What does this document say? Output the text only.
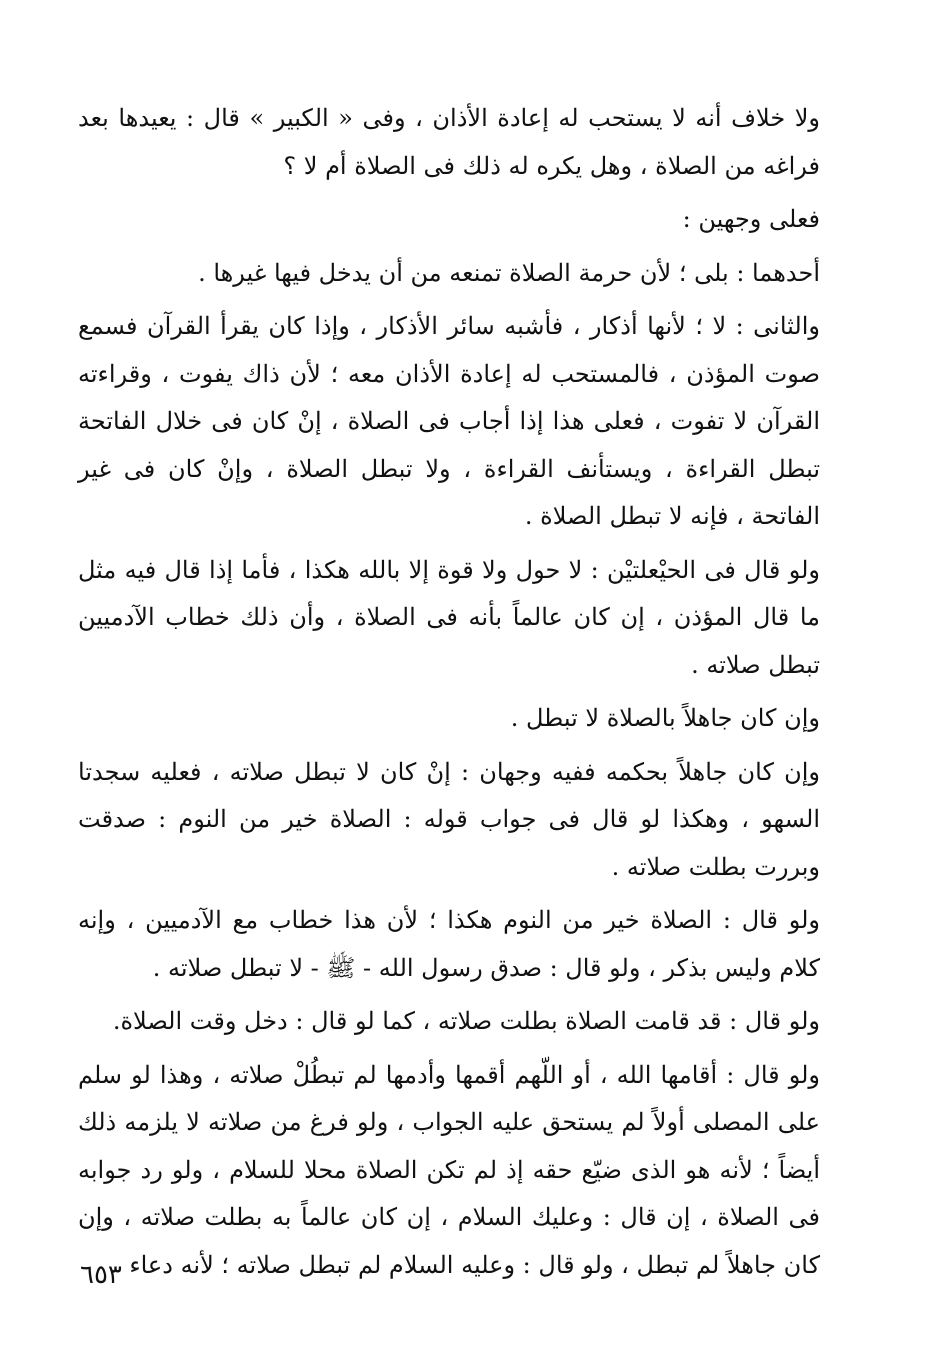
ولا خلاف أنه لا يستحب له إعادة الأذان ، وفى « الكبير » قال : يعيدها بعد فراغه من الصلاة ، وهل يكره له ذلك فى الصلاة أم لا ؟

فعلى وجهين :

أحدهما : بلى ؛ لأن حرمة الصلاة تمنعه من أن يدخل فيها غيرها .

والثانى : لا ؛ لأنها أذكار ، فأشبه سائر الأذكار ، وإذا كان يقرأ القرآن فسمع صوت المؤذن ، فالمستحب له إعادة الأذان معه ؛ لأن ذاك يفوت ، وقراءته القرآن لا تفوت ، فعلى هذا إذا أجاب فى الصلاة ، إنْ كان فى خلال الفاتحة تبطل القراءة ، ويستأنف القراءة ، ولا تبطل الصلاة ، وإنْ كان فى غير الفاتحة ، فإنه لا تبطل الصلاة .

ولو قال فى الحيْعلتيْن : لا حول ولا قوة إلا بالله هكذا ، فأما إذا قال فيه مثل ما قال المؤذن ، إن كان عالماً بأنه فى الصلاة ، وأن ذلك خطاب الآدميين تبطل صلاته .

وإن كان جاهلاً بالصلاة لا تبطل .

وإن كان جاهلاً بحكمه ففيه وجهان : إنْ كان لا تبطل صلاته ، فعليه سجدتا السهو ، وهكذا لو قال فى جواب قوله : الصلاة خير من النوم : صدقت وبررت بطلت صلاته .

ولو قال : الصلاة خير من النوم هكذا ؛ لأن هذا خطاب مع الآدميين ، وإنه كلام وليس بذكر ، ولو قال : صدق رسول الله - ﷺ - لا تبطل صلاته .

ولو قال : قد قامت الصلاة بطلت صلاته ، كما لو قال : دخل وقت الصلاة.

ولو قال : أقامها الله ، أو اللّهم أقمها وأدمها لم تبطُلْ صلاته ، وهذا لو سلم على المصلى أولاً لم يستحق عليه الجواب ، ولو فرغ من صلاته لا يلزمه ذلك أيضاً ؛ لأنه هو الذى ضيّع حقه إذ لم تكن الصلاة محلا للسلام ، ولو رد جوابه فى الصلاة ، إن قال : وعليك السلام ، إن كان عالماً به بطلت صلاته ، وإن كان جاهلاً لم تبطل ، ولو قال : وعليه السلام لم تبطل صلاته ؛ لأنه دعاء

٦٥٣
